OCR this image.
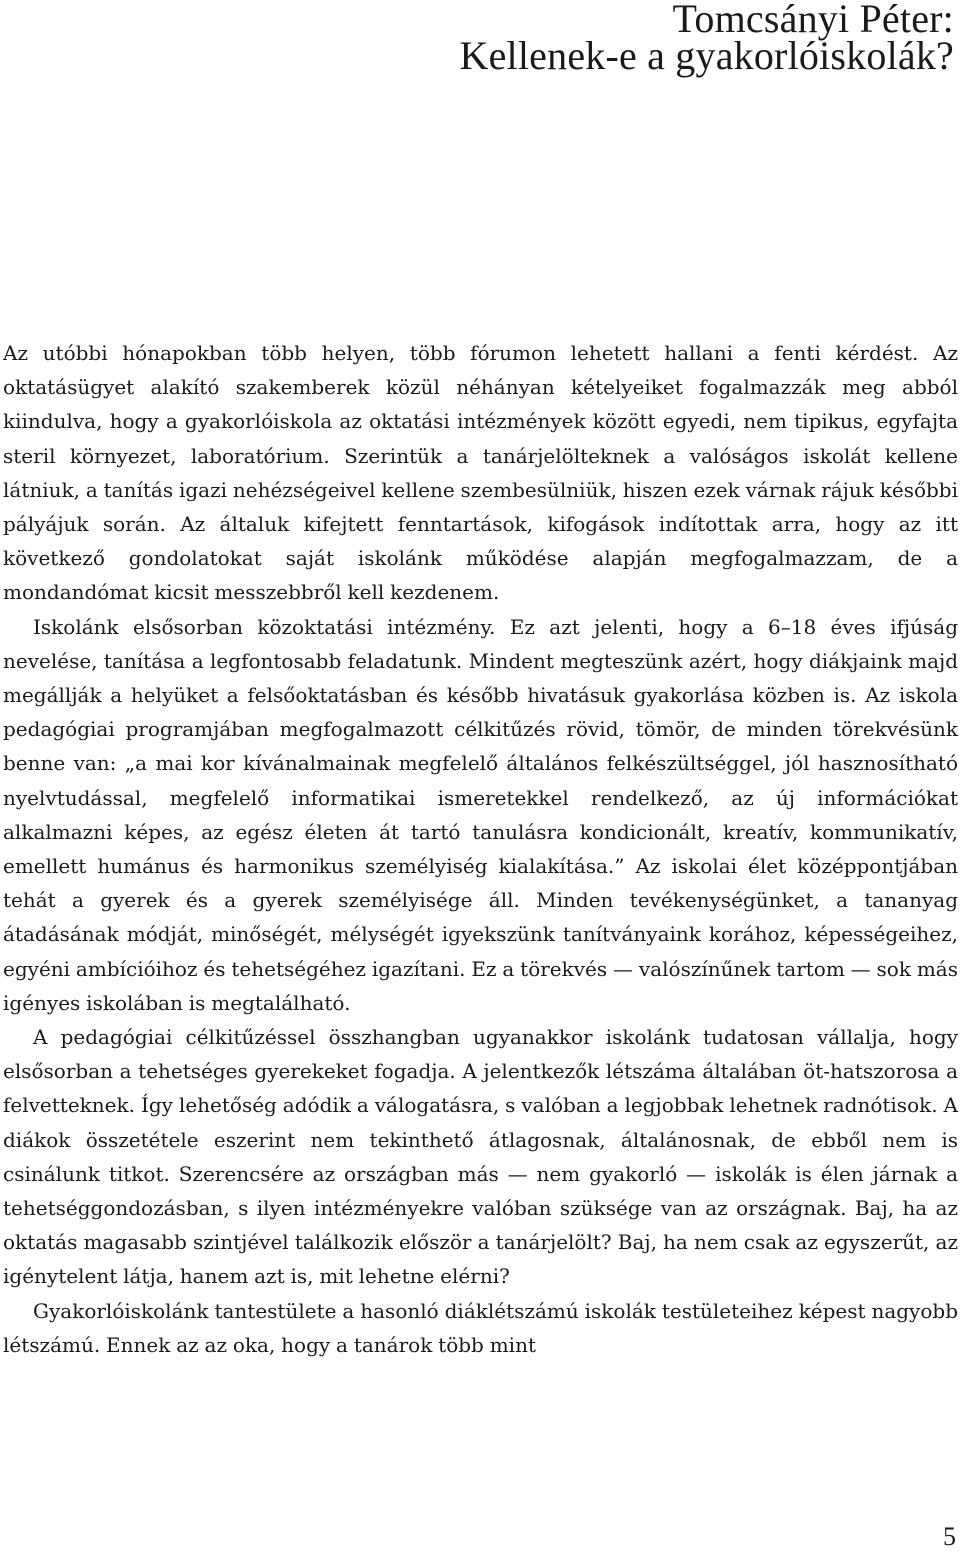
Tomcsányi Péter:
Kellenek-e a gyakorlóiskolák?

Az utóbbi hónapokban több helyen, több fórumon lehetett hallani a fenti kérdést. Az oktatásügyet alakító szakemberek közül néhányan kételyeiket fogalmazzák meg abból kiindulva, hogy a gyakorlóiskola az oktatási intézmények között egyedi, nem tipikus, egyfajta steril környezet, laboratórium. Szerintük a tanárjelölteknek a valóságos iskolát kellene látniuk, a tanítás igazi nehézségeivel kellene szembesülniük, hiszen ezek várnak rájuk későbbi pályájuk során. Az általuk kifejtett fenntartások, kifogások indítottak arra, hogy az itt következő gondolatokat saját iskolánk működése alapján megfogalmazzam, de a mondandómat kicsit messzebbről kell kezdenem.

Iskolánk elsősorban közoktatási intézmény. Ez azt jelenti, hogy a 6–18 éves ifjúság nevelése, tanítása a legfontosabb feladatunk. Mindent megteszünk azért, hogy diákjaink majd megállják a helyüket a felsőoktatásban és később hivatásuk gyakorlása közben is. Az iskola pedagógiai programjában megfogalmazott célkitűzés rövid, tömör, de minden törekvésünk benne van: „a mai kor kívánalmainak megfelelő általános felkészültséggel, jól hasznosítható nyelvtudással, megfelelő informatikai ismeretekkel rendelkező, az új információkat alkalmazni képes, az egész életen át tartó tanulásra kondicionált, kreatív, kommunikatív, emellett humánus és harmonikus személyiség kialakítása.” Az iskolai élet középpontjában tehát a gyerek és a gyerek személyisége áll. Minden tevékenységünket, a tananyag átadásának módját, minőségét, mélységét igyekszünk tanítványaink korához, képességeihez, egyéni ambícióihoz és tehetségéhez igazítani. Ez a törekvés — valószínűnek tartom — sok más igényes iskolában is megtalálható.

A pedagógiai célkitűzéssel összhangban ugyanakkor iskolánk tudatosan vállalja, hogy elsősorban a tehetséges gyerekeket fogadja. A jelentkezők létszáma általában öt-hatszorosa a felvetteknek. Így lehetőség adódik a válogatásra, s valóban a legjobbak lehetnek radnótisok. A diákok összetétele eszerint nem tekinthető átlagosnak, általánosnak, de ebből nem is csinálunk titkot. Szerencsére az országban más — nem gyakorló — iskolák is élen járnak a tehetséggondozásban, s ilyen intézményekre valóban szüksége van az országnak. Baj, ha az oktatás magasabb szintjével találkozik először a tanárjelölt? Baj, ha nem csak az egyszerűt, az igénytelent látja, hanem azt is, mit lehetne elérni?

Gyakorlóiskolánk tantestülete a hasonló diáklétszámú iskolák testületeihez képest nagyobb létszámú. Ennek az az oka, hogy a tanárok több mint

5
